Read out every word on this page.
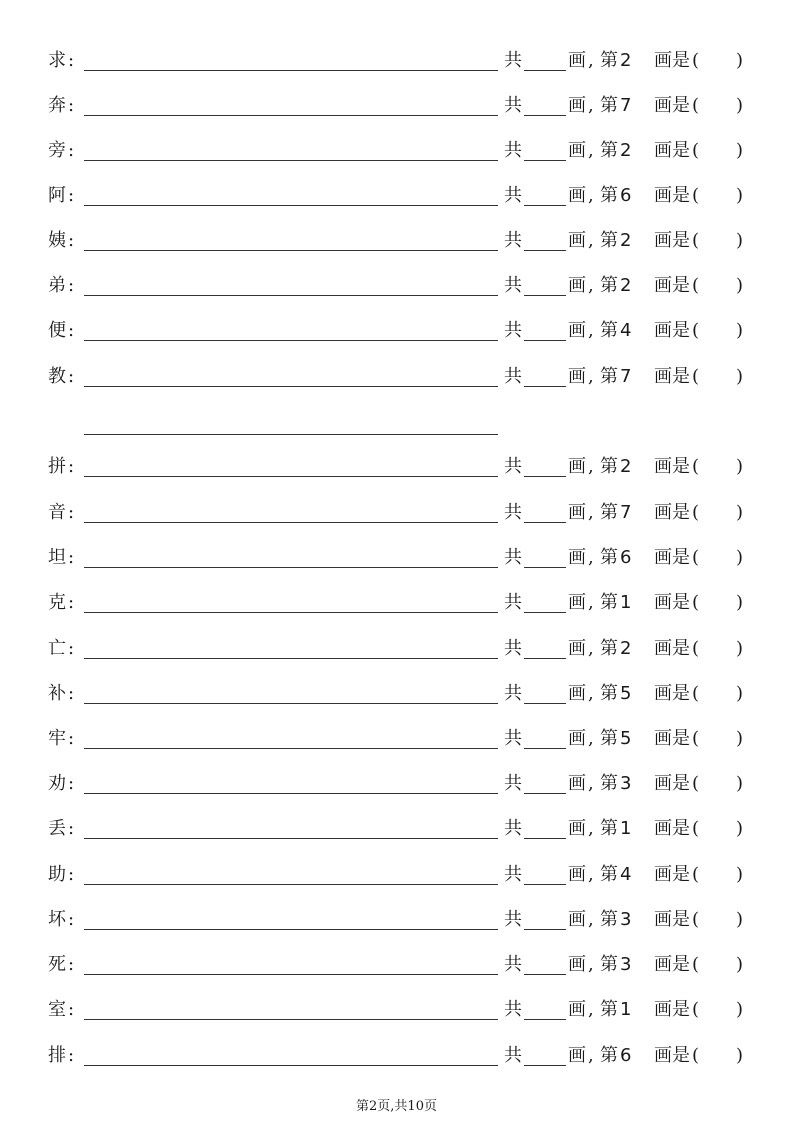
求 :	共	画 , 第 2 画是 ( )
奔 :	共	画 , 第 7 画是 ( )
旁 :	共	画 , 第 2 画是 ( )
阿 :	共	画 , 第 6 画是 ( )
姨 :	共	画 , 第 2 画是 ( )
弟 :	共	画 , 第 2 画是 ( )
便 :	共	画 , 第 4 画是 ( )
教 :	共	画 , 第 7 画是 ( )
拼 :	共	画 , 第 2 画是 ( )
音 :	共	画 , 第 7 画是 ( )
坦 :	共	画 , 第 6 画是 ( )
克 :	共	画 , 第 1 画是 ( )
亡 :	共	画 , 第 2 画是 ( )
补 :	共	画 , 第 5 画是 ( )
牢 :	共	画 , 第 5 画是 ( )
劝 :	共	画 , 第 3 画是 ( )
丢 :	共	画 , 第 1 画是 ( )
助 :	共	画 , 第 4 画是 ( )
坏 :	共	画 , 第 3 画是 ( )
死 :	共	画 , 第 3 画是 ( )
室 :	共	画 , 第 1 画是 ( )
排 :	共	画 , 第 6 画是 ( )
第2页,共10页
